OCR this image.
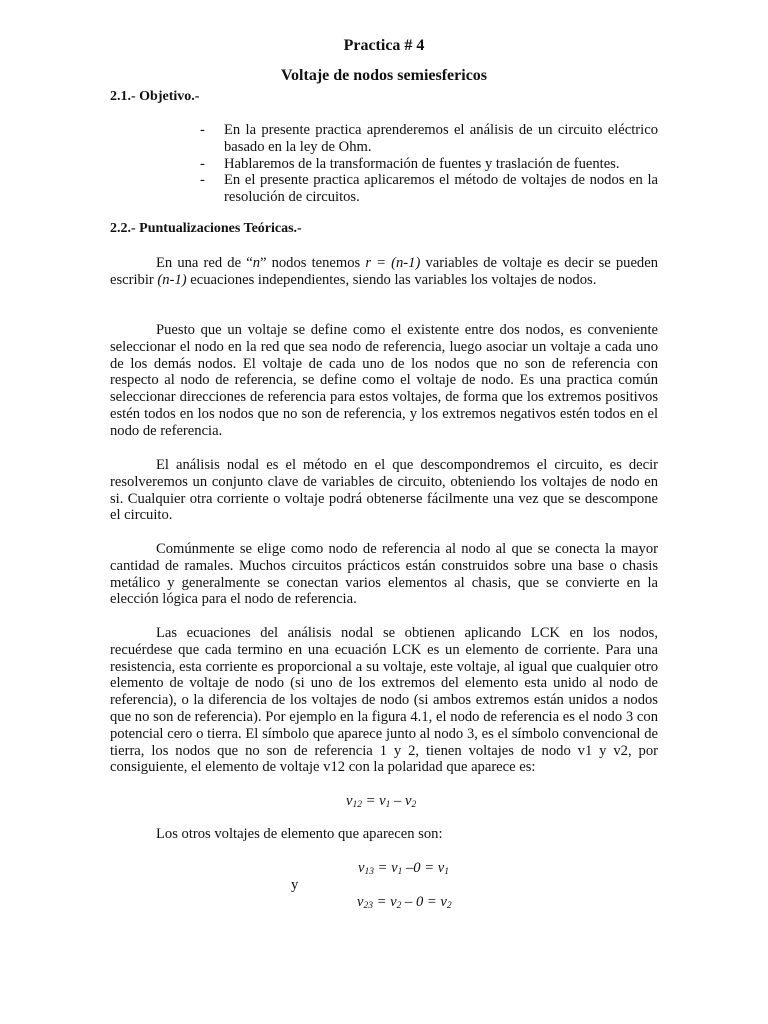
Practica # 4
Voltaje de nodos semiesfericos
2.1.- Objetivo.-
- En la presente practica aprenderemos el análisis de un circuito eléctrico basado en la ley de Ohm.
- Hablaremos de la transformación de fuentes y traslación de fuentes.
- En el presente practica aplicaremos el método de voltajes de nodos en la resolución de circuitos.
2.2.- Puntualizaciones Teóricas.-

En una red de “n” nodos tenemos r = (n-1) variables de voltaje es decir se pueden escribir (n-1) ecuaciones independientes, siendo las variables los voltajes de nodos.

Puesto que un voltaje se define como el existente entre dos nodos, es conveniente seleccionar el nodo en la red que sea nodo de referencia, luego asociar un voltaje a cada uno de los demás nodos. El voltaje de cada uno de los nodos que no son de referencia con respecto al nodo de referencia, se define como el voltaje de nodo. Es una practica común seleccionar direcciones de referencia para estos voltajes, de forma que los extremos positivos estén todos en los nodos que no son de referencia, y los extremos negativos estén todos en el nodo de referencia.

El análisis nodal es el método en el que descompondremos el circuito, es decir resolveremos un conjunto clave de variables de circuito, obteniendo los voltajes de nodo en si. Cualquier otra corriente o voltaje podrá obtenerse fácilmente una vez que se descompone el circuito.

Comúnmente se elige como nodo de referencia al nodo al que se conecta la mayor cantidad de ramales. Muchos circuitos prácticos están construidos sobre una base o chasis metálico y generalmente se conectan varios elementos al chasis, que se convierte en la elección lógica para el nodo de referencia.

Las ecuaciones del análisis nodal se obtienen aplicando LCK en los nodos, recuérdese que cada termino en una ecuación LCK es un elemento de corriente. Para una resistencia, esta corriente es proporcional a su voltaje, este voltaje, al igual que cualquier otro elemento de voltaje de nodo (si uno de los extremos del elemento esta unido al nodo de referencia), o la diferencia de los voltajes de nodo (si ambos extremos están unidos a nodos que no son de referencia). Por ejemplo en la figura 4.1, el nodo de referencia es el nodo 3 con potencial cero o tierra. El símbolo que aparece junto al nodo 3, es el símbolo convencional de tierra, los nodos que no son de referencia 1 y 2, tienen voltajes de nodo v1 y v2, por consiguiente, el elemento de voltaje v12 con la polaridad que aparece es:

$v_{12} = v_1 - v_2$

Los otros voltajes de elemento que aparecen son:

$v_{13} = v_1$ $-0 = v_1$

y

$v_{23} = v_2 - 0 = v_2$
